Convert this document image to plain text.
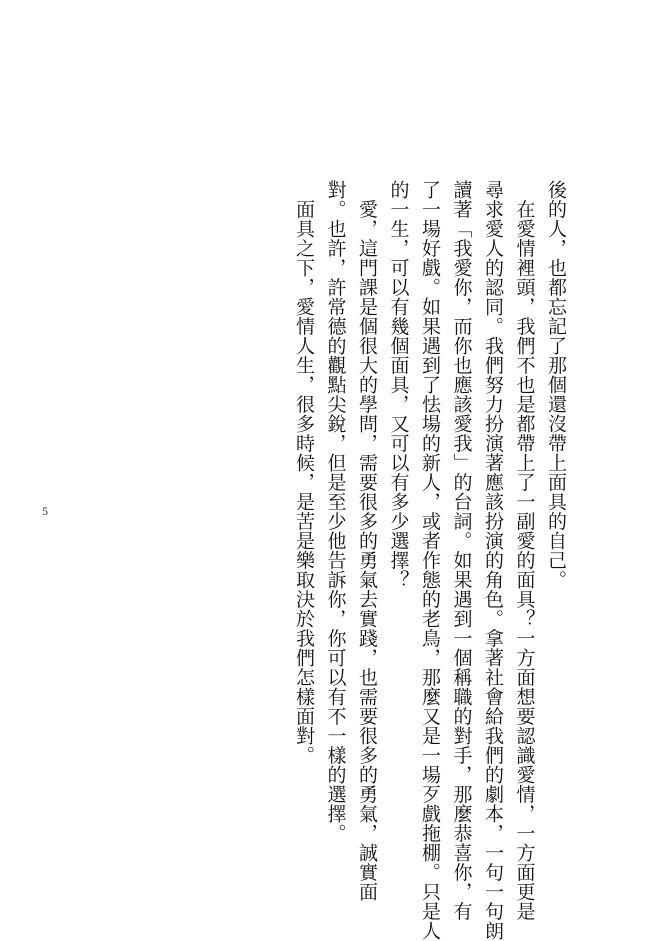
後的人，也都忘記了那個還沒帶上面具的自己。
　在愛情裡頭，我們不也是都帶上了一副愛的面具？一方面想要認識愛情，一方面更是
尋求愛人的認同。我們努力扮演著應該扮演的角色。拿著社會給我們的劇本，一句一句朗
讀著「我愛你，而你也應該愛我」的台詞。如果遇到一個稱職的對手，那麼恭喜你，有
了一場好戲。如果遇到了怯場的新人，或者作態的老鳥，那麼又是一場歹戲拖棚。只是人
的一生，可以有幾個面具，又可以有多少選擇？
　愛，這門課是個很大的學問，需要很多的勇氣去實踐，也需要很多的勇氣，誠實面
對。也許，許常德的觀點尖銳，但是至少他告訴你，你可以有不一樣的選擇。
　面具之下，愛情人生，很多時候，是苦是樂取決於我們怎樣面對。
5
